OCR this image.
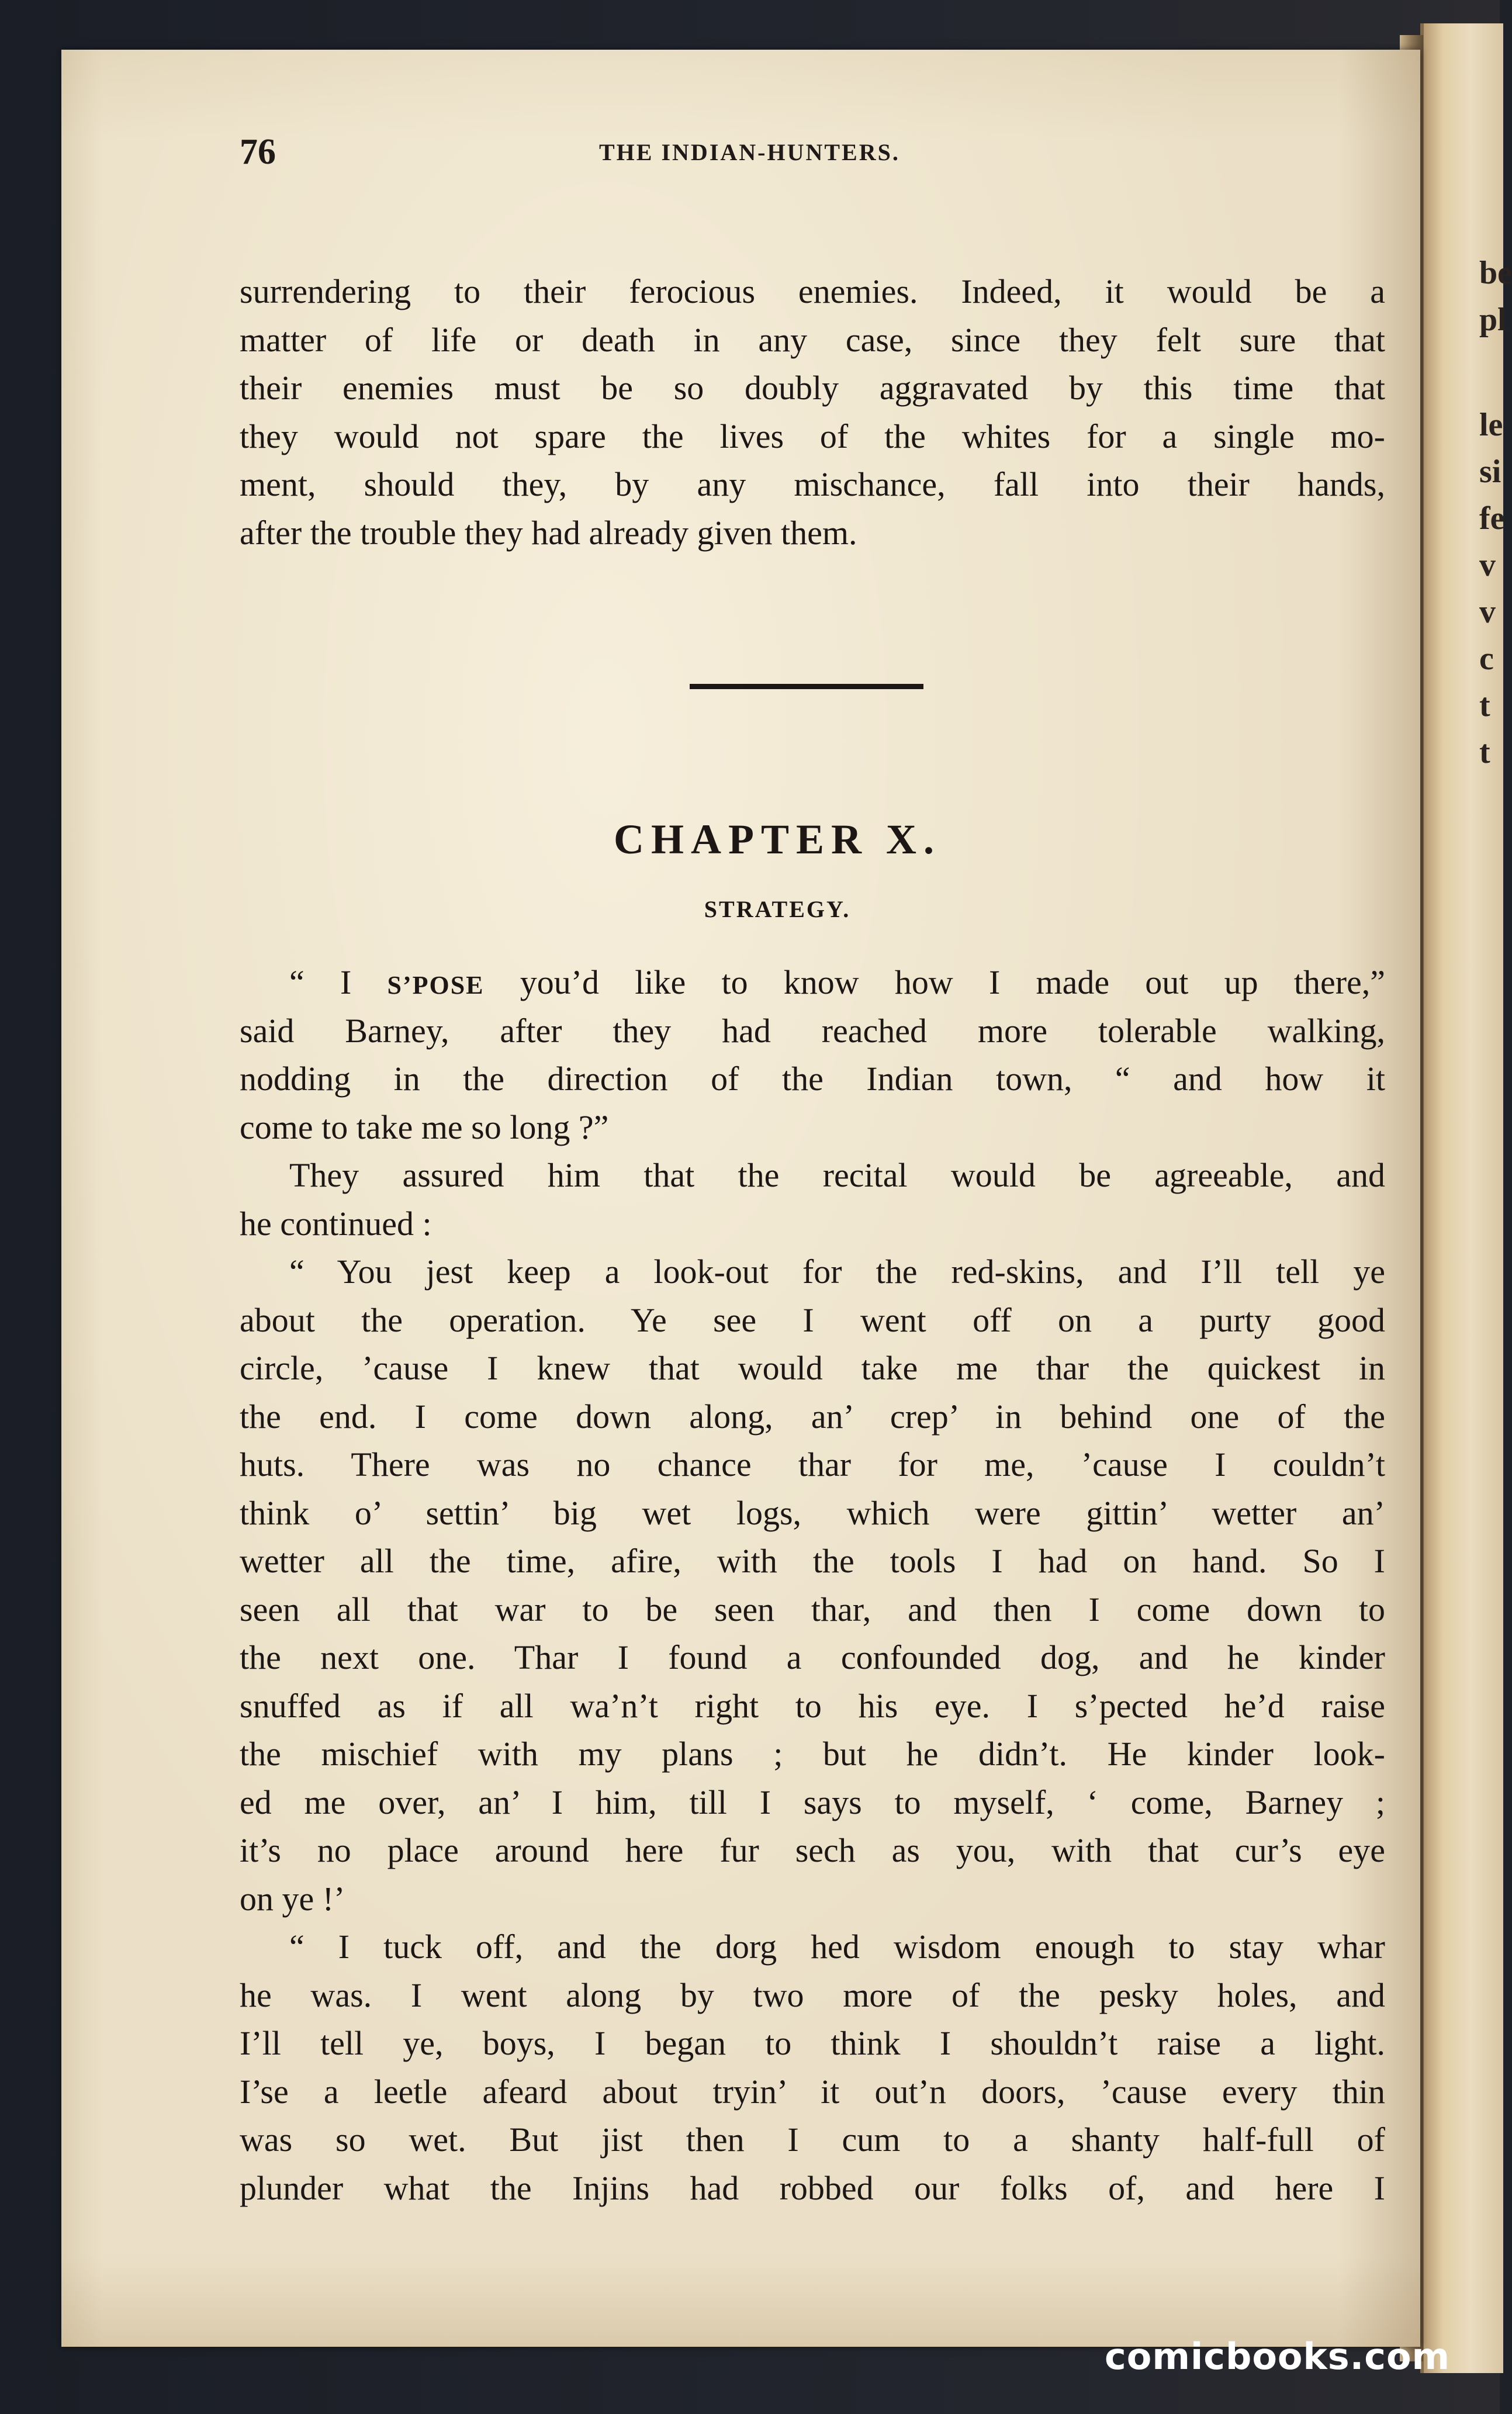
be
pl
le
si
fe
v
v
c
t
t
76	THE INDIAN-HUNTERS.
surrendering to their ferocious enemies. Indeed, it would be a
matter of life or death in any case, since they felt sure that
their enemies must be so doubly aggravated by this time that
they would not spare the lives of the whites for a single mo-
ment, should they, by any mischance, fall into their hands,
after the trouble they had already given them.
CHAPTER X.
STRATEGY.
“ I S’POSE you’d like to know how I made out up there,”
said Barney, after they had reached more tolerable walking,
nodding in the direction of the Indian town, “ and how it
come to take me so long ?”
They assured him that the recital would be agreeable, and
he continued :
“ You jest keep a look-out for the red-skins, and I’ll tell ye
about the operation. Ye see I went off on a purty good
circle, ’cause I knew that would take me thar the quickest in
the end. I come down along, an’ crep’ in behind one of the
huts. There was no chance thar for me, ’cause I couldn’t
think o’ settin’ big wet logs, which were gittin’ wetter an’
wetter all the time, afire, with the tools I had on hand. So I
seen all that war to be seen thar, and then I come down to
the next one. Thar I found a confounded dog, and he kinder
snuffed as if all wa’n’t right to his eye. I s’pected he’d raise
the mischief with my plans ; but he didn’t. He kinder look-
ed me over, an’ I him, till I says to myself, ‘ come, Barney ;
it’s no place around here fur sech as you, with that cur’s eye
on ye !’
“ I tuck off, and the dorg hed wisdom enough to stay whar
he was. I went along by two more of the pesky holes, and
I’ll tell ye, boys, I began to think I shouldn’t raise a light.
I’se a leetle afeard about tryin’ it out’n doors, ’cause every thin
was so wet. But jist then I cum to a shanty half-full of
plunder what the Injins had robbed our folks of, and here I
comicbooks.com
